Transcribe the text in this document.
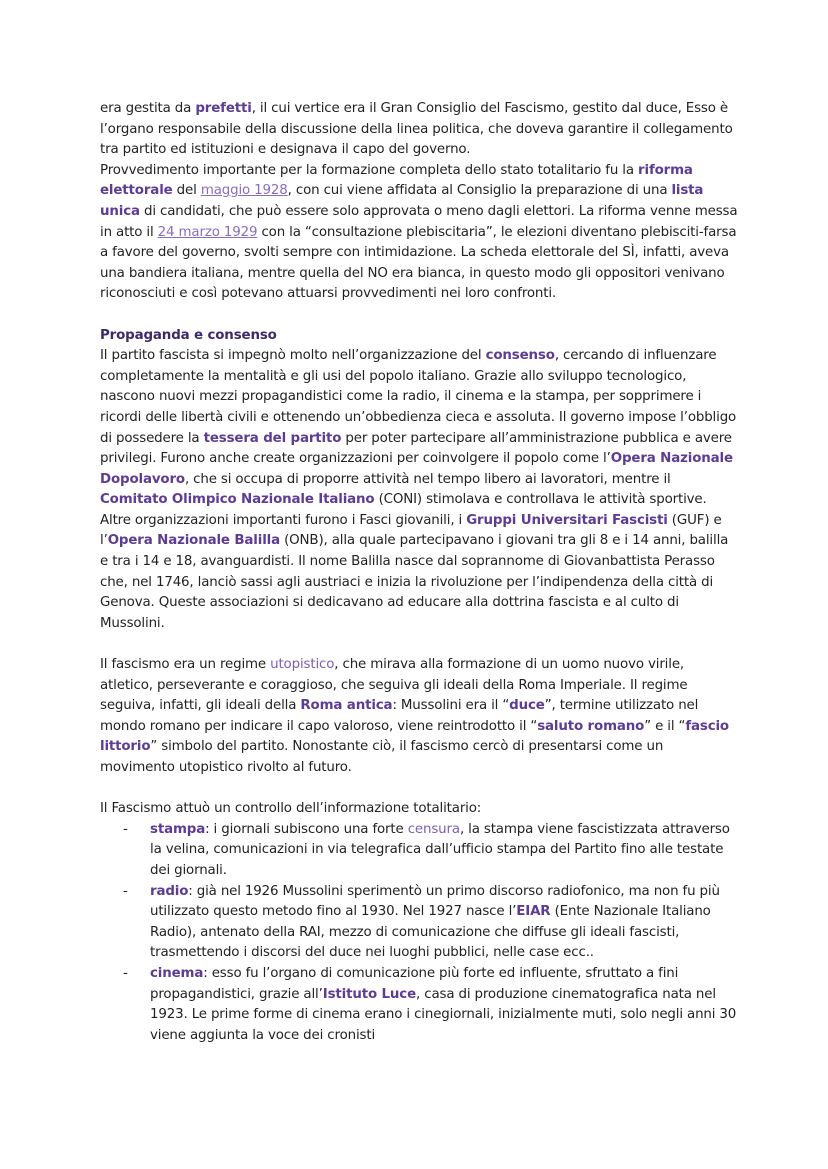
era gestita da prefetti, il cui vertice era il Gran Consiglio del Fascismo, gestito dal duce, Esso è l’organo responsabile della discussione della linea politica, che doveva garantire il collegamento tra partito ed istituzioni e designava il capo del governo.

Provvedimento importante per la formazione completa dello stato totalitario fu la riforma elettorale del maggio 1928, con cui viene affidata al Consiglio la preparazione di una lista unica di candidati, che può essere solo approvata o meno dagli elettori. La riforma venne messa in atto il 24 marzo 1929 con la “consultazione plebiscitaria”, le elezioni diventano plebisciti-farsa a favore del governo, svolti sempre con intimidazione. La scheda elettorale del SÌ, infatti, aveva una bandiera italiana, mentre quella del NO era bianca, in questo modo gli oppositori venivano riconosciuti e così potevano attuarsi provvedimenti nei loro confronti.

Propaganda e consenso

Il partito fascista si impegnò molto nell’organizzazione del consenso, cercando di influenzare completamente la mentalità e gli usi del popolo italiano. Grazie allo sviluppo tecnologico, nascono nuovi mezzi propagandistici come la radio, il cinema e la stampa, per sopprimere i ricordi delle libertà civili e ottenendo un’obbedienza cieca e assoluta. Il governo impose l’obbligo di possedere la tessera del partito per poter partecipare all’amministrazione pubblica e avere privilegi. Furono anche create organizzazioni per coinvolgere il popolo come l’Opera Nazionale Dopolavoro, che si occupa di proporre attività nel tempo libero ai lavoratori, mentre il Comitato Olimpico Nazionale Italiano (CONI) stimolava e controllava le attività sportive. Altre organizzazioni importanti furono i Fasci giovanili, i Gruppi Universitari Fascisti (GUF) e l’Opera Nazionale Balilla (ONB), alla quale partecipavano i giovani tra gli 8 e i 14 anni, balilla e tra i 14 e 18, avanguardisti. Il nome Balilla nasce dal soprannome di Giovanbattista Perasso che, nel 1746, lanciò sassi agli austriaci e inizia la rivoluzione per l’indipendenza della città di Genova. Queste associazioni si dedicavano ad educare alla dottrina fascista e al culto di Mussolini.

Il fascismo era un regime utopistico, che mirava alla formazione di un uomo nuovo virile, atletico, perseverante e coraggioso, che seguiva gli ideali della Roma Imperiale. Il regime seguiva, infatti, gli ideali della Roma antica: Mussolini era il “duce”, termine utilizzato nel mondo romano per indicare il capo valoroso, viene reintrodotto il “saluto romano” e il “fascio littorio” simbolo del partito. Nonostante ciò, il fascismo cercò di presentarsi come un movimento utopistico rivolto al futuro.

Il Fascismo attuò un controllo dell’informazione totalitario:

- stampa: i giornali subiscono una forte censura, la stampa viene fascistizzata attraverso la velina, comunicazioni in via telegrafica dall’ufficio stampa del Partito fino alle testate dei giornali.
- radio: già nel 1926 Mussolini sperimentò un primo discorso radiofonico, ma non fu più utilizzato questo metodo fino al 1930. Nel 1927 nasce l’EIAR (Ente Nazionale Italiano Radio), antenato della RAI, mezzo di comunicazione che diffuse gli ideali fascisti, trasmettendo i discorsi del duce nei luoghi pubblici, nelle case ecc..
- cinema: esso fu l’organo di comunicazione più forte ed influente, sfruttato a fini propagandistici, grazie all’Istituto Luce, casa di produzione cinematografica nata nel 1923. Le prime forme di cinema erano i cinegiornali, inizialmente muti, solo negli anni 30 viene aggiunta la voce dei cronisti
